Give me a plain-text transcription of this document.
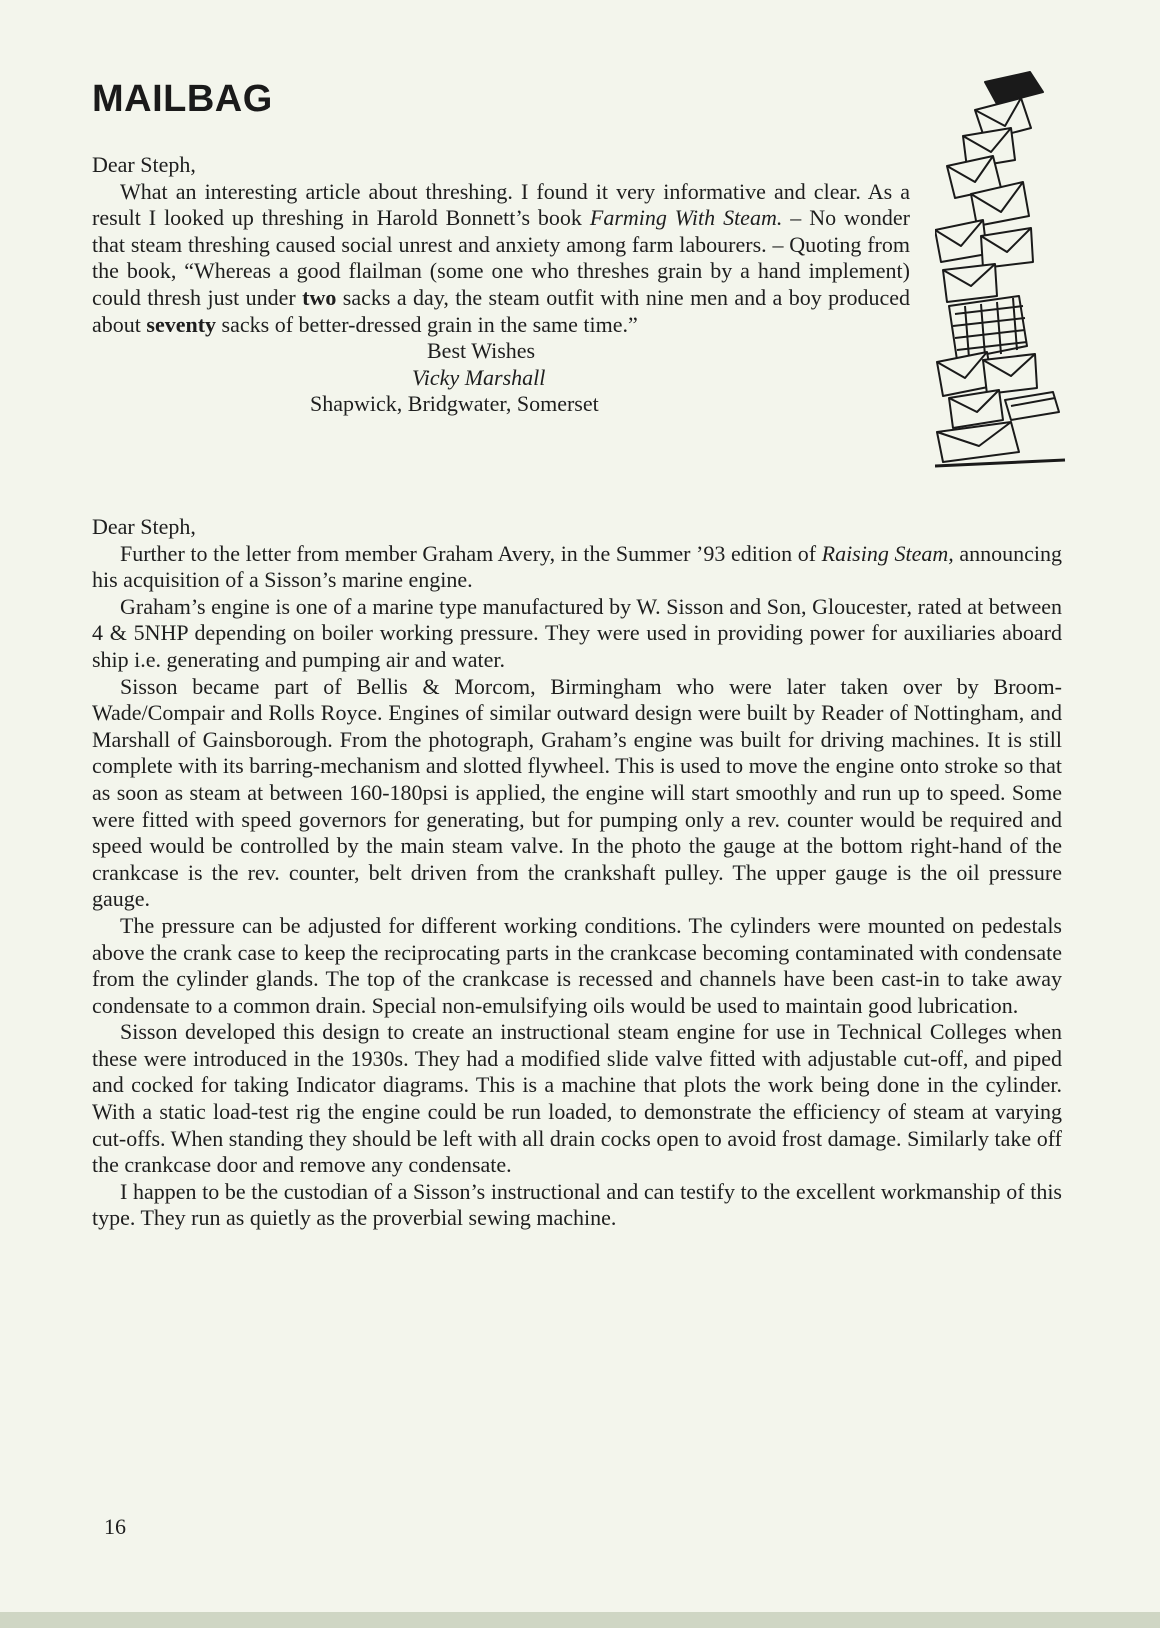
MAILBAG

Dear Steph,

What an interesting article about threshing. I found it very informative and clear. As a result I looked up threshing in Harold Bonnett’s book Farming With Steam. – No wonder that steam threshing caused social unrest and anxiety among farm labourers. – Quoting from the book, “Whereas a good flailman (some one who threshes grain by a hand implement) could thresh just under two sacks a day, the steam outfit with nine men and a boy produced about seventy sacks of better-dressed grain in the same time.”

Best Wishes

Vicky Marshall

Shapwick, Bridgwater, Somerset

Dear Steph,

Further to the letter from member Graham Avery, in the Summer ’93 edition of Raising Steam, announcing his acquisition of a Sisson’s marine engine.

Graham’s engine is one of a marine type manufactured by W. Sisson and Son, Gloucester, rated at between 4 & 5NHP depending on boiler working pressure. They were used in providing power for auxiliaries aboard ship i.e. generating and pumping air and water.

Sisson became part of Bellis & Morcom, Birmingham who were later taken over by Broom-Wade/Compair and Rolls Royce. Engines of similar outward design were built by Reader of Nottingham, and Marshall of Gainsborough. From the photograph, Graham’s engine was built for driving machines. It is still complete with its barring-mechanism and slotted flywheel. This is used to move the engine onto stroke so that as soon as steam at between 160-180psi is applied, the engine will start smoothly and run up to speed. Some were fitted with speed governors for generating, but for pumping only a rev. counter would be required and speed would be controlled by the main steam valve. In the photo the gauge at the bottom right-hand of the crankcase is the rev. counter, belt driven from the crankshaft pulley. The upper gauge is the oil pressure gauge.

The pressure can be adjusted for different working conditions. The cylinders were mounted on pedestals above the crank case to keep the reciprocating parts in the crankcase becoming contaminated with condensate from the cylinder glands. The top of the crankcase is recessed and channels have been cast-in to take away condensate to a common drain. Special non-emulsifying oils would be used to maintain good lubrication.

Sisson developed this design to create an instructional steam engine for use in Technical Colleges when these were introduced in the 1930s. They had a modified slide valve fitted with adjustable cut-off, and piped and cocked for taking Indicator diagrams. This is a machine that plots the work being done in the cylinder. With a static load-test rig the engine could be run loaded, to demonstrate the efficiency of steam at varying cut-offs. When standing they should be left with all drain cocks open to avoid frost damage. Similarly take off the crankcase door and remove any condensate.

I happen to be the custodian of a Sisson’s instructional and can testify to the excellent workmanship of this type. They run as quietly as the proverbial sewing machine.

16
